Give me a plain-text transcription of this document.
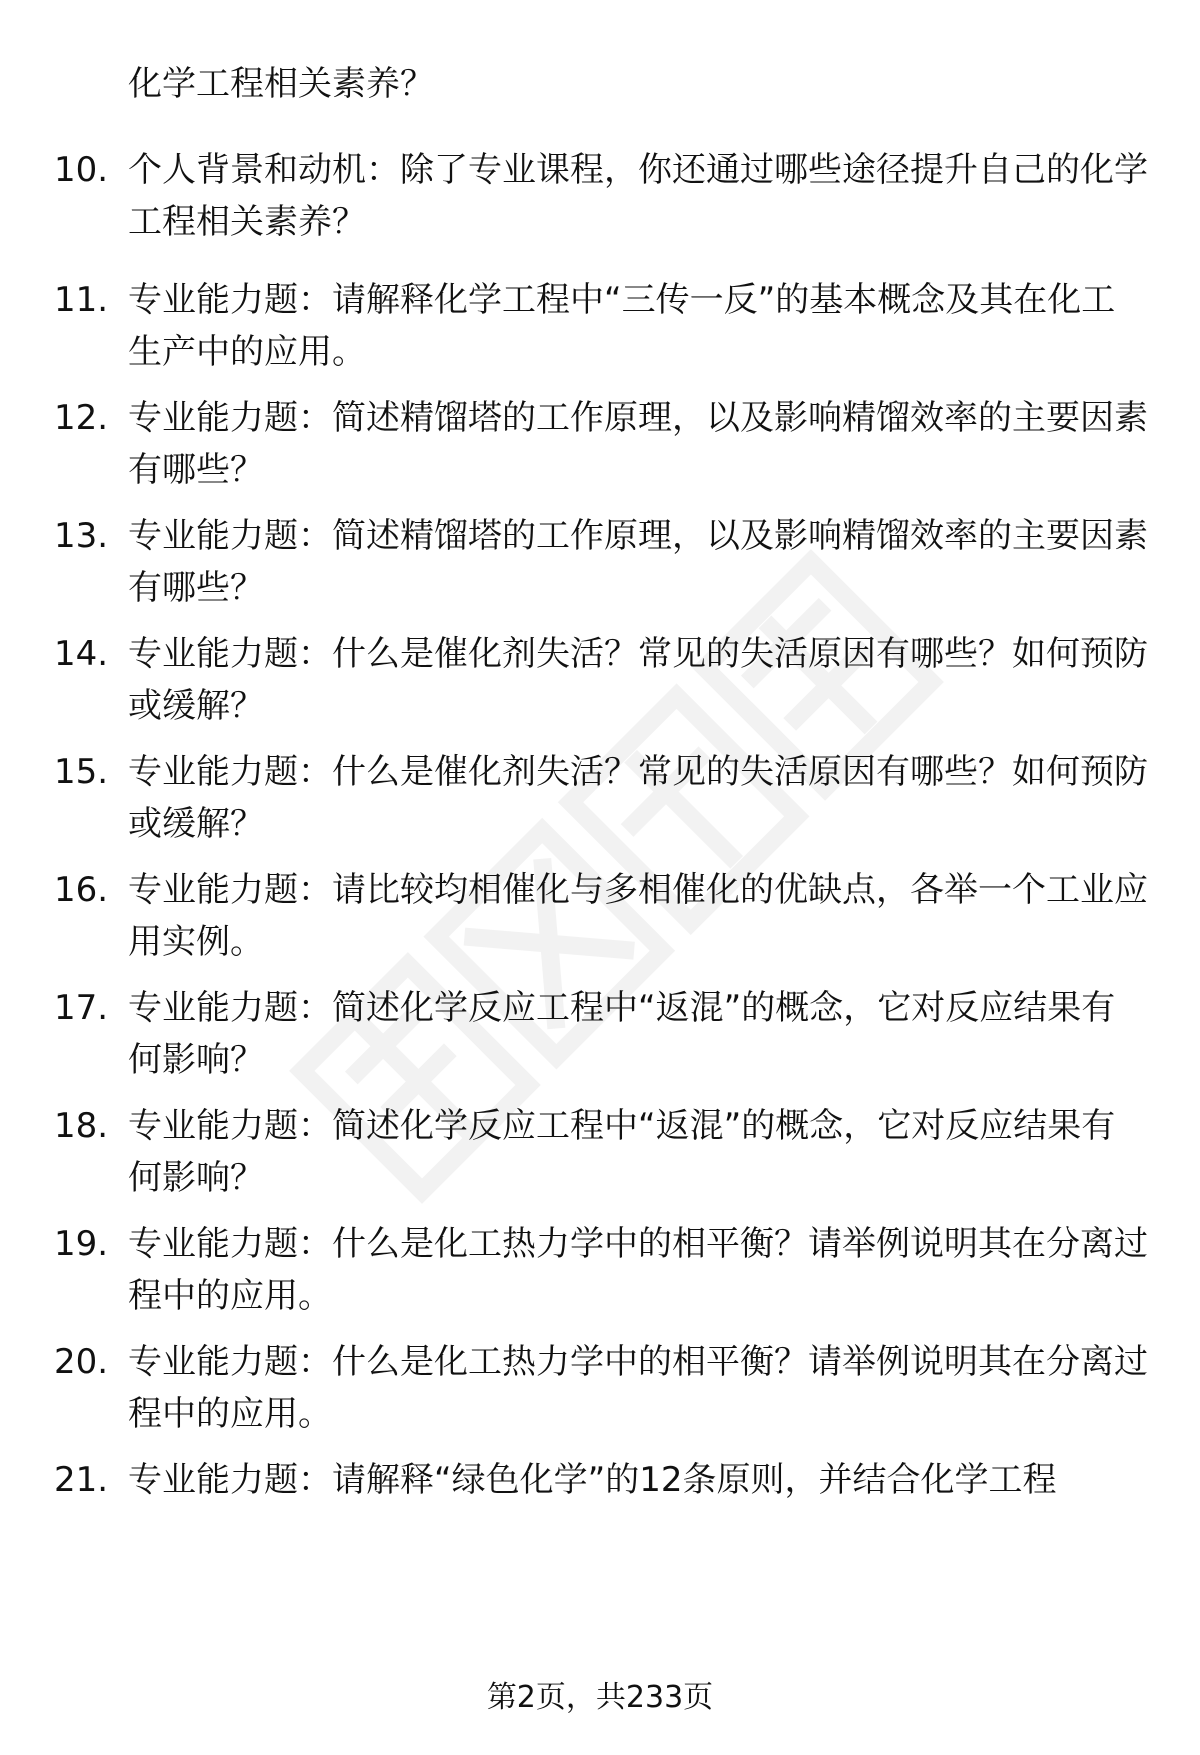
化学工程相关素养？
10. 个人背景和动机：除了专业课程，你还通过哪些途径提升自己的化学工程相关素养？
11. 专业能力题：请解释化学工程中“三传一反”的基本概念及其在化工生产中的应用。
12. 专业能力题：简述精馏塔的工作原理，以及影响精馏效率的主要因素有哪些？
13. 专业能力题：简述精馏塔的工作原理，以及影响精馏效率的主要因素有哪些？
14. 专业能力题：什么是催化剂失活？常见的失活原因有哪些？如何预防或缓解？
15. 专业能力题：什么是催化剂失活？常见的失活原因有哪些？如何预防或缓解？
16. 专业能力题：请比较均相催化与多相催化的优缺点，各举一个工业应用实例。
17. 专业能力题：简述化学反应工程中“返混”的概念，它对反应结果有何影响？
18. 专业能力题：简述化学反应工程中“返混”的概念，它对反应结果有何影响？
19. 专业能力题：什么是化工热力学中的相平衡？请举例说明其在分离过程中的应用。
20. 专业能力题：什么是化工热力学中的相平衡？请举例说明其在分离过程中的应用。
21. 专业能力题：请解释“绿色化学”的12条原则，并结合化学工程
第2页，共233页
